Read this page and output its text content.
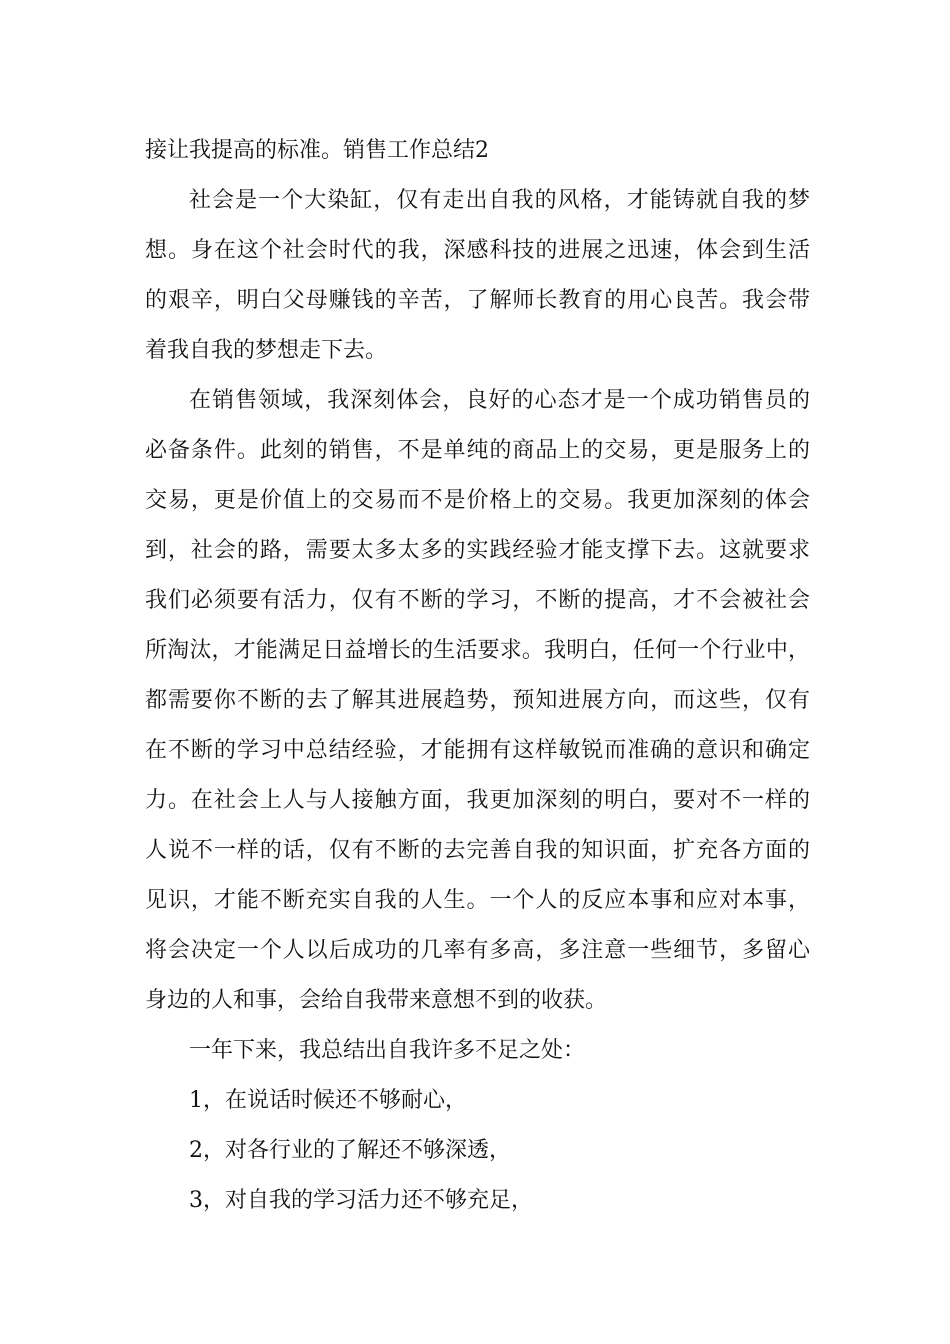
接让我提高的标准。销售工作总结2
社会是一个大染缸，仅有走出自我的风格，才能铸就自我的梦
想。身在这个社会时代的我，深感科技的进展之迅速，体会到生活
的艰辛，明白父母赚钱的辛苦，了解师长教育的用心良苦。我会带
着我自我的梦想走下去。
在销售领域，我深刻体会，良好的心态才是一个成功销售员的
必备条件。此刻的销售，不是单纯的商品上的交易，更是服务上的
交易，更是价值上的交易而不是价格上的交易。我更加深刻的体会
到，社会的路，需要太多太多的实践经验才能支撑下去。这就要求
我们必须要有活力，仅有不断的学习，不断的提高，才不会被社会
所淘汰，才能满足日益增长的生活要求。我明白，任何一个行业中，
都需要你不断的去了解其进展趋势，预知进展方向，而这些，仅有
在不断的学习中总结经验，才能拥有这样敏锐而准确的意识和确定
力。在社会上人与人接触方面，我更加深刻的明白，要对不一样的
人说不一样的话，仅有不断的去完善自我的知识面，扩充各方面的
见识，才能不断充实自我的人生。一个人的反应本事和应对本事，
将会决定一个人以后成功的几率有多高，多注意一些细节，多留心
身边的人和事，会给自我带来意想不到的收获。
一年下来，我总结出自我许多不足之处：
1，在说话时候还不够耐心，
2，对各行业的了解还不够深透，
3，对自我的学习活力还不够充足，
